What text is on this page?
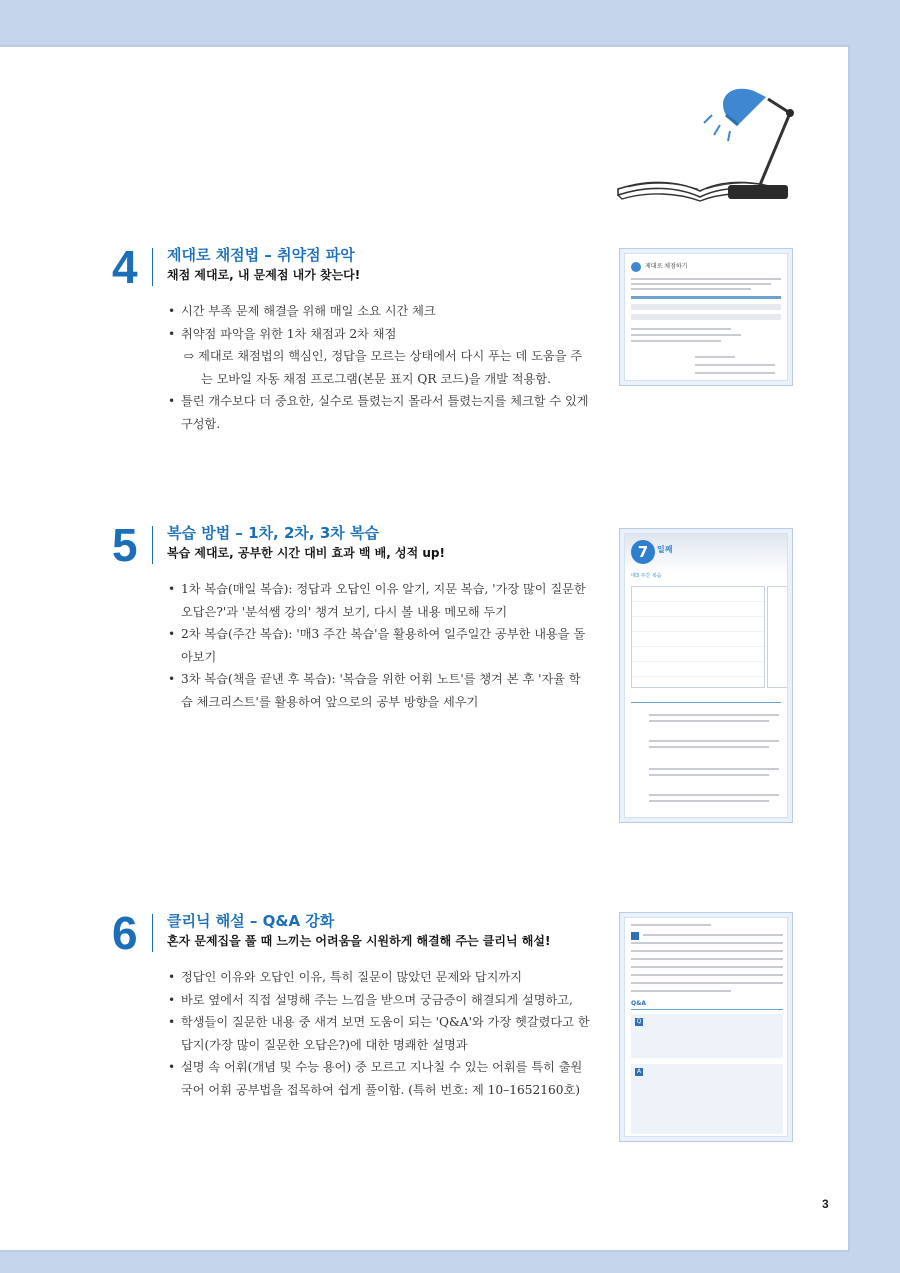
4 제대로 채점법 – 취약점 파악
채점 제대로, 내 문제점 내가 찾는다!
• 시간 부족 문제 해결을 위해 매일 소요 시간 체크
• 취약점 파악을 위한 1차 채점과 2차 채점
⇨ 제대로 채점법의 핵심인, 정답을 모르는 상태에서 다시 푸는 데 도움을 주는 모바일 자동 채점 프로그램(본문 표지 QR 코드)을 개발 적용함.
• 틀린 개수보다 더 중요한, 실수로 틀렸는지 몰라서 틀렸는지를 체크할 수 있게 구성함.
5 복습 방법 – 1차, 2차, 3차 복습
복습 제대로, 공부한 시간 대비 효과 백 배, 성적 up!
• 1차 복습(매일 복습): 정답과 오답인 이유 알기, 지문 복습, '가장 많이 질문한 오답은?'과 '분석쌤 강의' 챙겨 보기, 다시 볼 내용 메모해 두기
• 2차 복습(주간 복습): '매3 주간 복습'을 활용하여 일주일간 공부한 내용을 돌아보기
• 3차 복습(책을 끝낸 후 복습): '복습을 위한 어휘 노트'를 챙겨 본 후 '자율 학습 체크리스트'를 활용하여 앞으로의 공부 방향을 세우기
6 클리닉 해설 – Q&A 강화
혼자 문제집을 풀 때 느끼는 어려움을 시원하게 해결해 주는 클리닉 해설!
• 정답인 이유와 오답인 이유, 특히 질문이 많았던 문제와 답지까지
• 바로 옆에서 직접 설명해 주는 느낌을 받으며 궁금증이 해결되게 설명하고,
• 학생들이 질문한 내용 중 새겨 보면 도움이 되는 'Q&A'와 가장 헷갈렸다고 한 답지(가장 많이 질문한 오답은?)에 대한 명쾌한 설명과
• 설명 속 어휘(개념 및 수능 용어) 중 모르고 지나칠 수 있는 어휘를 특히 출원 국어 어휘 공부법을 접목하여 쉽게 풀이함. (특허 번호: 제 10–1652160호)
제대로 채점하기
7	일째
매3 주간 복습
Q&A
Q
A
3
